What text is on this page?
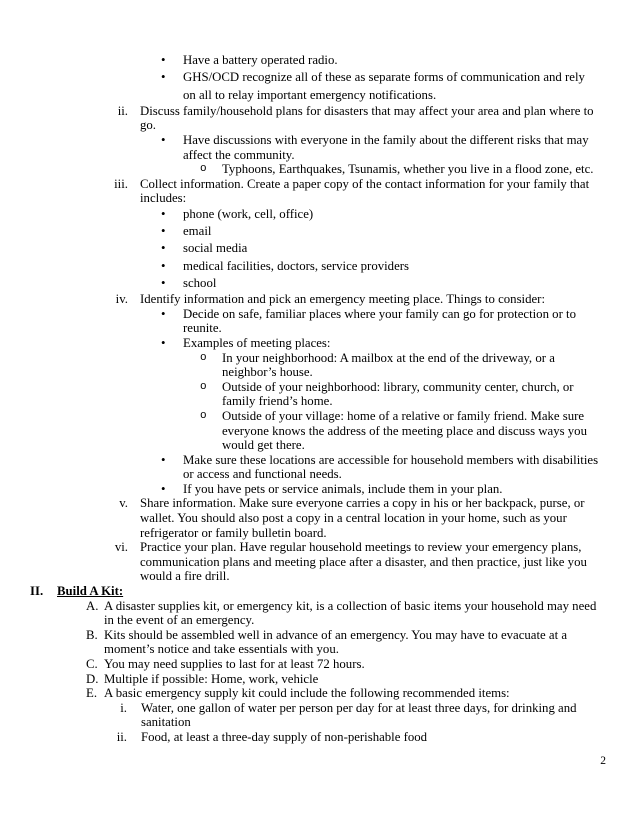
•	Have a battery operated radio.
•	GHS/OCD recognize all of these as separate forms of communication and rely on all to relay important emergency notifications.
ii. Discuss family/household plans for disasters that may affect your area and plan where to go.
•	Have discussions with everyone in the family about the different risks that may affect the community.
o	Typhoons, Earthquakes, Tsunamis, whether you live in a flood zone, etc.
iii. Collect information. Create a paper copy of the contact information for your family that includes:
•	phone (work, cell, office)
•	email
•	social media
•	medical facilities, doctors, service providers
•	school
iv. Identify information and pick an emergency meeting place. Things to consider:
•	Decide on safe, familiar places where your family can go for protection or to reunite.
•	Examples of meeting places:
o	In your neighborhood: A mailbox at the end of the driveway, or a neighbor’s house.
o	Outside of your neighborhood: library, community center, church, or family friend’s home.
o	Outside of your village: home of a relative or family friend. Make sure everyone knows the address of the meeting place and discuss ways you would get there.
•	Make sure these locations are accessible for household members with disabilities or access and functional needs.
•	If you have pets or service animals, include them in your plan.
v. Share information. Make sure everyone carries a copy in his or her backpack, purse, or wallet. You should also post a copy in a central location in your home, such as your refrigerator or family bulletin board.
vi. Practice your plan. Have regular household meetings to review your emergency plans, communication plans and meeting place after a disaster, and then practice, just like you would a fire drill.
II. Build A Kit:
A. A disaster supplies kit, or emergency kit, is a collection of basic items your household may need in the event of an emergency.
B. Kits should be assembled well in advance of an emergency. You may have to evacuate at a moment’s notice and take essentials with you.
C. You may need supplies to last for at least 72 hours.
D. Multiple if possible: Home, work, vehicle
E. A basic emergency supply kit could include the following recommended items:
i. Water, one gallon of water per person per day for at least three days, for drinking and sanitation
ii. Food, at least a three-day supply of non-perishable food
2
